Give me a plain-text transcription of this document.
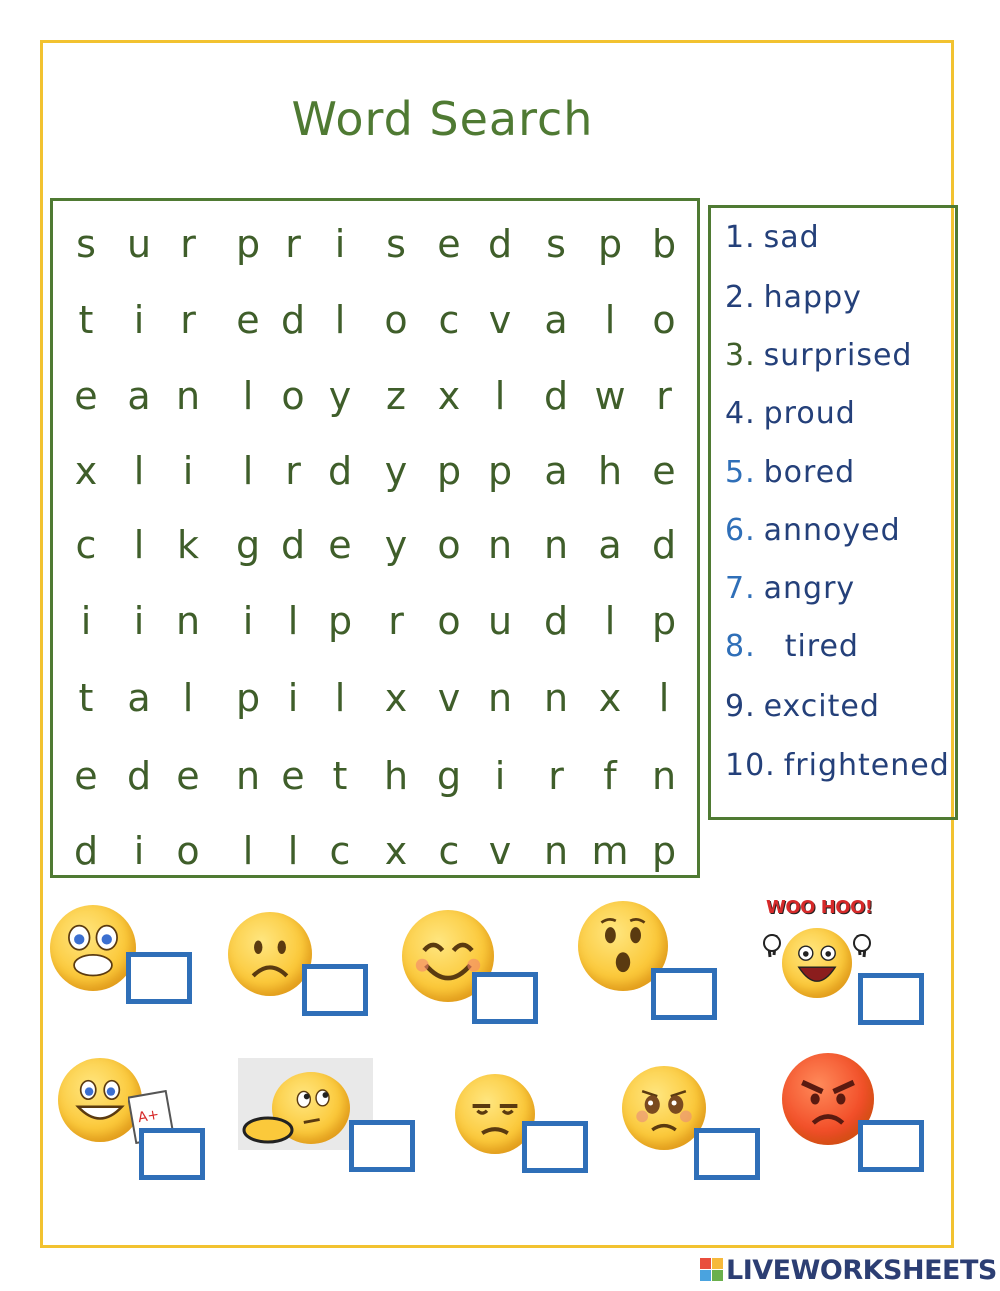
Word Search
s u r	p r i	s e d s p b
t	i r	e d l	o c v a l o
e a n	l o y z x l	d w r
x l	i	l r d y p p a h e
c l k g d e y o n n a d
i	i n	i l p r o u d l p
t a l	p i l	x v n n x l
e d e n e t h g i	r	f n
d i o	l l c x c v n m p
1. sad
2. happy
3. surprised
4. proud
5. bored
6. annoyed
7. angry
8.  tired
9. excited
10. frightened
WOO HOO!
A+
LIVEWORKSHEETS
